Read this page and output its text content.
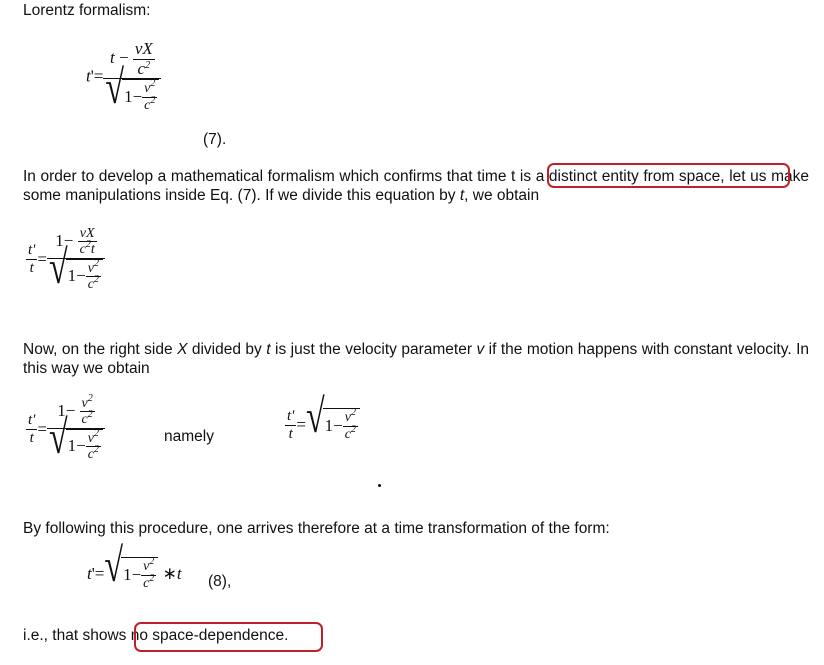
Lorentz formalism:
$t'= \frac{t - \frac{vX}{c^2}}{√ 1- \frac{v^2}{c^2}}$
(7).
In order to develop a mathematical formalism which confirms that time t is a distinct entity from space, let us make some manipulations inside Eq. (7). If we divide this equation by t, we obtain
$\frac{t'}{t} = \frac{1- \frac{vX}{c^2t}}{√ 1- \frac{v^2}{c^2}}$
Now, on the right side X divided by t is just the velocity parameter v if the motion happens with constant velocity. In this way we obtain
$\frac{t'}{t} = \frac{1- \frac{v^2}{c^2}}{√ 1- \frac{v^2}{c^2}}$	namely	$\frac{t'}{t}$ = √ $1- \frac{v^2}{c^2}$
By following this procedure, one arrives therefore at a time transformation of the form:
t'= √ $1- \frac{v^2}{c^2}$ ∗t (8),
i.e., that shows no space-dependence.
